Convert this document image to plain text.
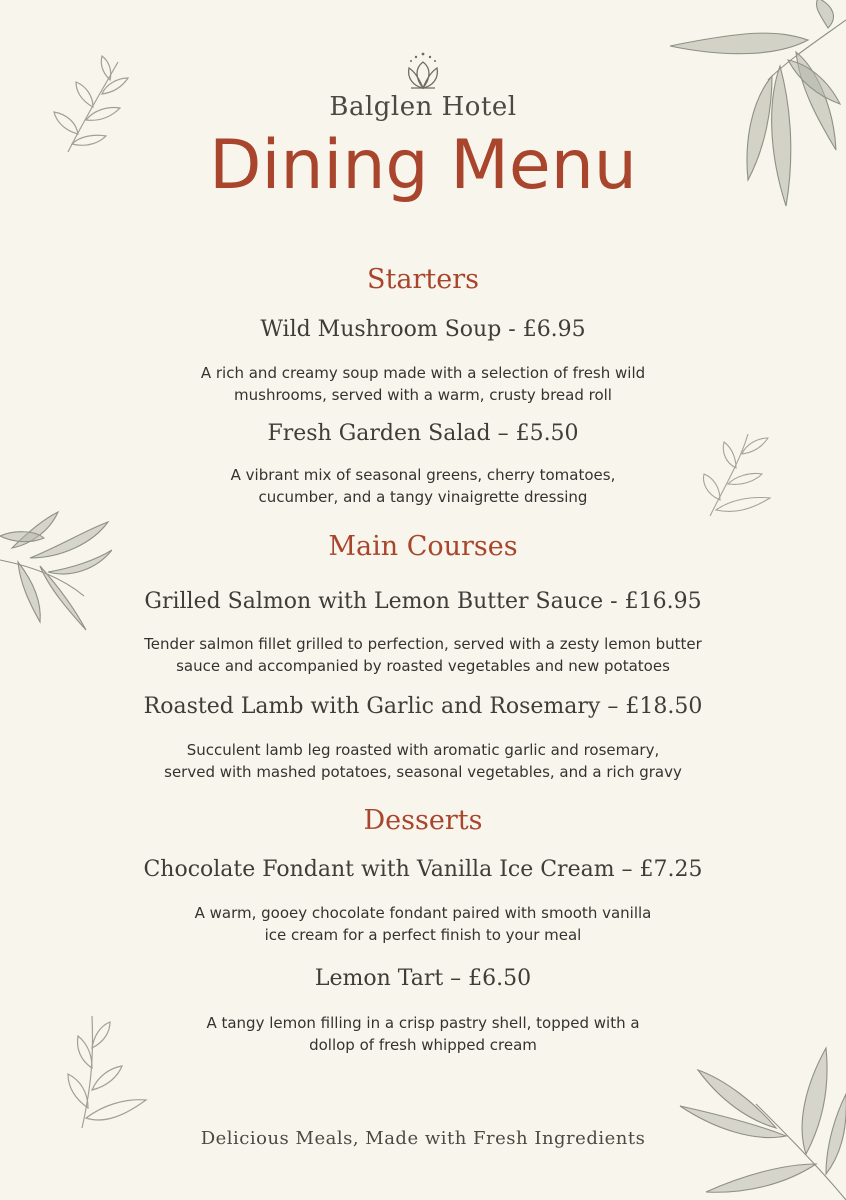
Balglen Hotel
Dining Menu
Starters
Wild Mushroom Soup - £6.95
A rich and creamy soup made with a selection of fresh wild
mushrooms, served with a warm, crusty bread roll
Fresh Garden Salad – £5.50
A vibrant mix of seasonal greens, cherry tomatoes,
cucumber, and a tangy vinaigrette dressing
Main Courses
Grilled Salmon with Lemon Butter Sauce - £16.95
Tender salmon fillet grilled to perfection, served with a zesty lemon butter
sauce and accompanied by roasted vegetables and new potatoes
Roasted Lamb with Garlic and Rosemary – £18.50
Succulent lamb leg roasted with aromatic garlic and rosemary,
served with mashed potatoes, seasonal vegetables, and a rich gravy
Desserts
Chocolate Fondant with Vanilla Ice Cream – £7.25
A warm, gooey chocolate fondant paired with smooth vanilla
ice cream for a perfect finish to your meal
Lemon Tart – £6.50
A tangy lemon filling in a crisp pastry shell, topped with a
dollop of fresh whipped cream
Delicious Meals, Made with Fresh Ingredients
